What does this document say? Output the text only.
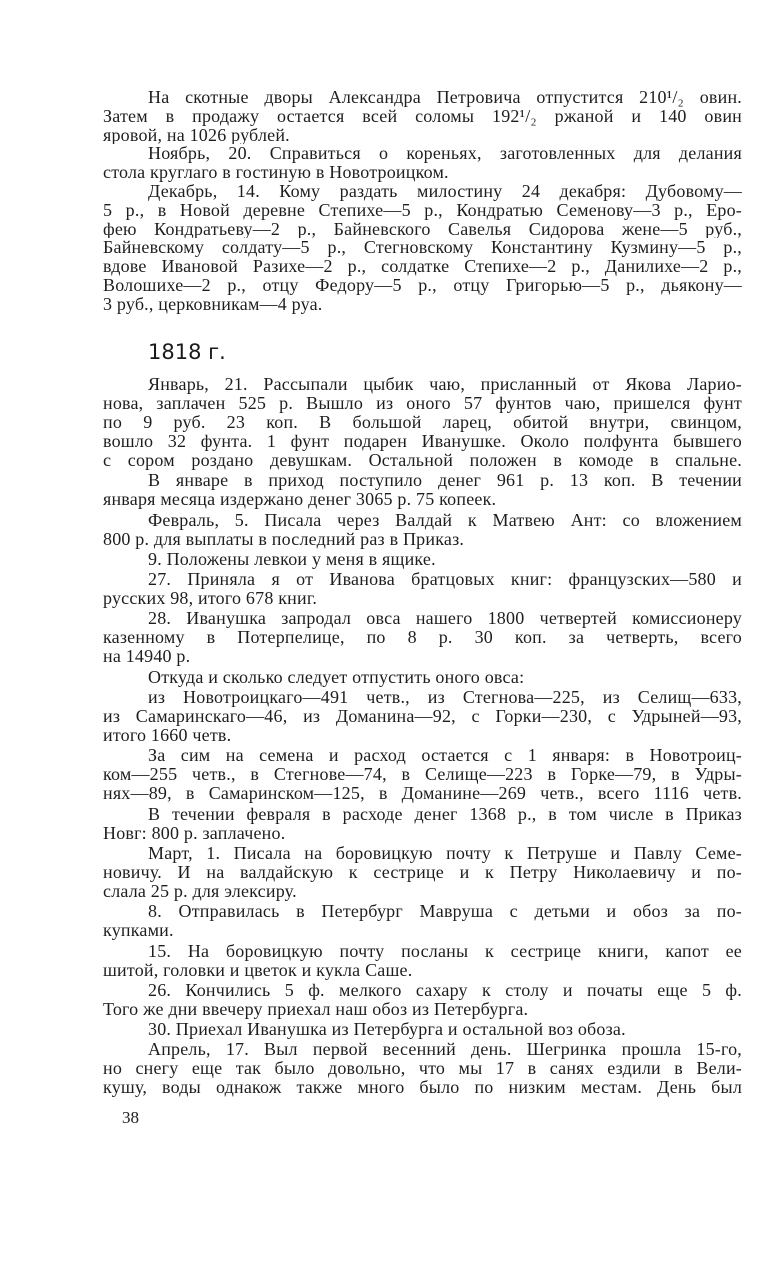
На скотные дворы Александра Петровича отпустится 210¹/₂ овин.
Затем в продажу остается всей соломы 192¹/₂ ржаной и 140 овин
яровой, на 1026 рублей.
Ноябрь, 20. Справиться о кореньях, заготовленных для делания
стола круглаго в гостиную в Новотроицком.
Декабрь, 14. Кому раздать милостину 24 декабря: Дубовому—
5 р., в Новой деревне Степихе—5 р., Кондратью Семенову—3 р., Еро-
фею Кондратьеву—2 р., Байневского Савелья Сидорова жене—5 руб.,
Байневскому солдату—5 р., Стегновскому Константину Кузмину—5 р.,
вдове Ивановой Разихе—2 р., солдатке Степихе—2 р., Данилихе—2 р.,
Волошихе—2 р., отцу Федору—5 р., отцу Григорью—5 р., дьякону—
3 руб., церковникам—4 руа.
1818 г.
Январь, 21. Рассыпали цыбик чаю, присланный от Якова Ларио-
нова, заплачен 525 р. Вышло из оного 57 фунтов чаю, пришелся фунт
по 9 руб. 23 коп. В большой ларец, обитой внутри, свинцом,
вошло 32 фунта. 1 фунт подарен Иванушке. Около полфунта бывшего
с сором роздано девушкам. Остальной положен в комоде в спальне.
В январе в приход поступило денег 961 р. 13 коп. В течении
января месяца издержано денег 3065 р. 75 копеек.
Февраль, 5. Писала через Валдай к Матвею Ант: со вложением
800 р. для выплаты в последний раз в Приказ.
9. Положены левкои у меня в ящике.
27. Приняла я от Иванова братцовых книг: французских—580 и
русских 98, итого 678 книг.
28. Иванушка запродал овса нашего 1800 четвертей комиссионеру
казенному в Потерпелице, по 8 р. 30 коп. за четверть, всего
на 14940 р.
Откуда и сколько следует отпустить оного овса:
из Новотроицкаго—491 четв., из Стегнова—225, из Селищ—633,
из Самаринскаго—46, из Доманина—92, с Горки—230, с Удрыней—93,
итого 1660 четв.
За сим на семена и расход остается с 1 января: в Новотроиц-
ком—255 четв., в Стегнове—74, в Селище—223 в Горке—79, в Удры-
нях—89, в Самаринском—125, в Доманине—269 четв., всего 1116 четв.
В течении февраля в расходе денег 1368 р., в том числе в Приказ
Новг: 800 р. заплачено.
Март, 1. Писала на боровицкую почту к Петруше и Павлу Семе-
новичу. И на валдайскую к сестрице и к Петру Николаевичу и по-
слала 25 р. для элексиру.
8. Отправилась в Петербург Мавруша с детьми и обоз за по-
купками.
15. На боровицкую почту посланы к сестрице книги, капот ее
шитой, головки и цветок и кукла Саше.
26. Кончились 5 ф. мелкого сахару к столу и початы еще 5 ф.
Того же дни ввечеру приехал наш обоз из Петербурга.
30. Приехал Иванушка из Петербурга и остальной воз обоза.
Апрель, 17. Выл первой весенний день. Шегринка прошла 15-го,
но снегу еще так было довольно, что мы 17 в санях ездили в Вели-
кушу, воды однакож также много было по низким местам. День был
38
